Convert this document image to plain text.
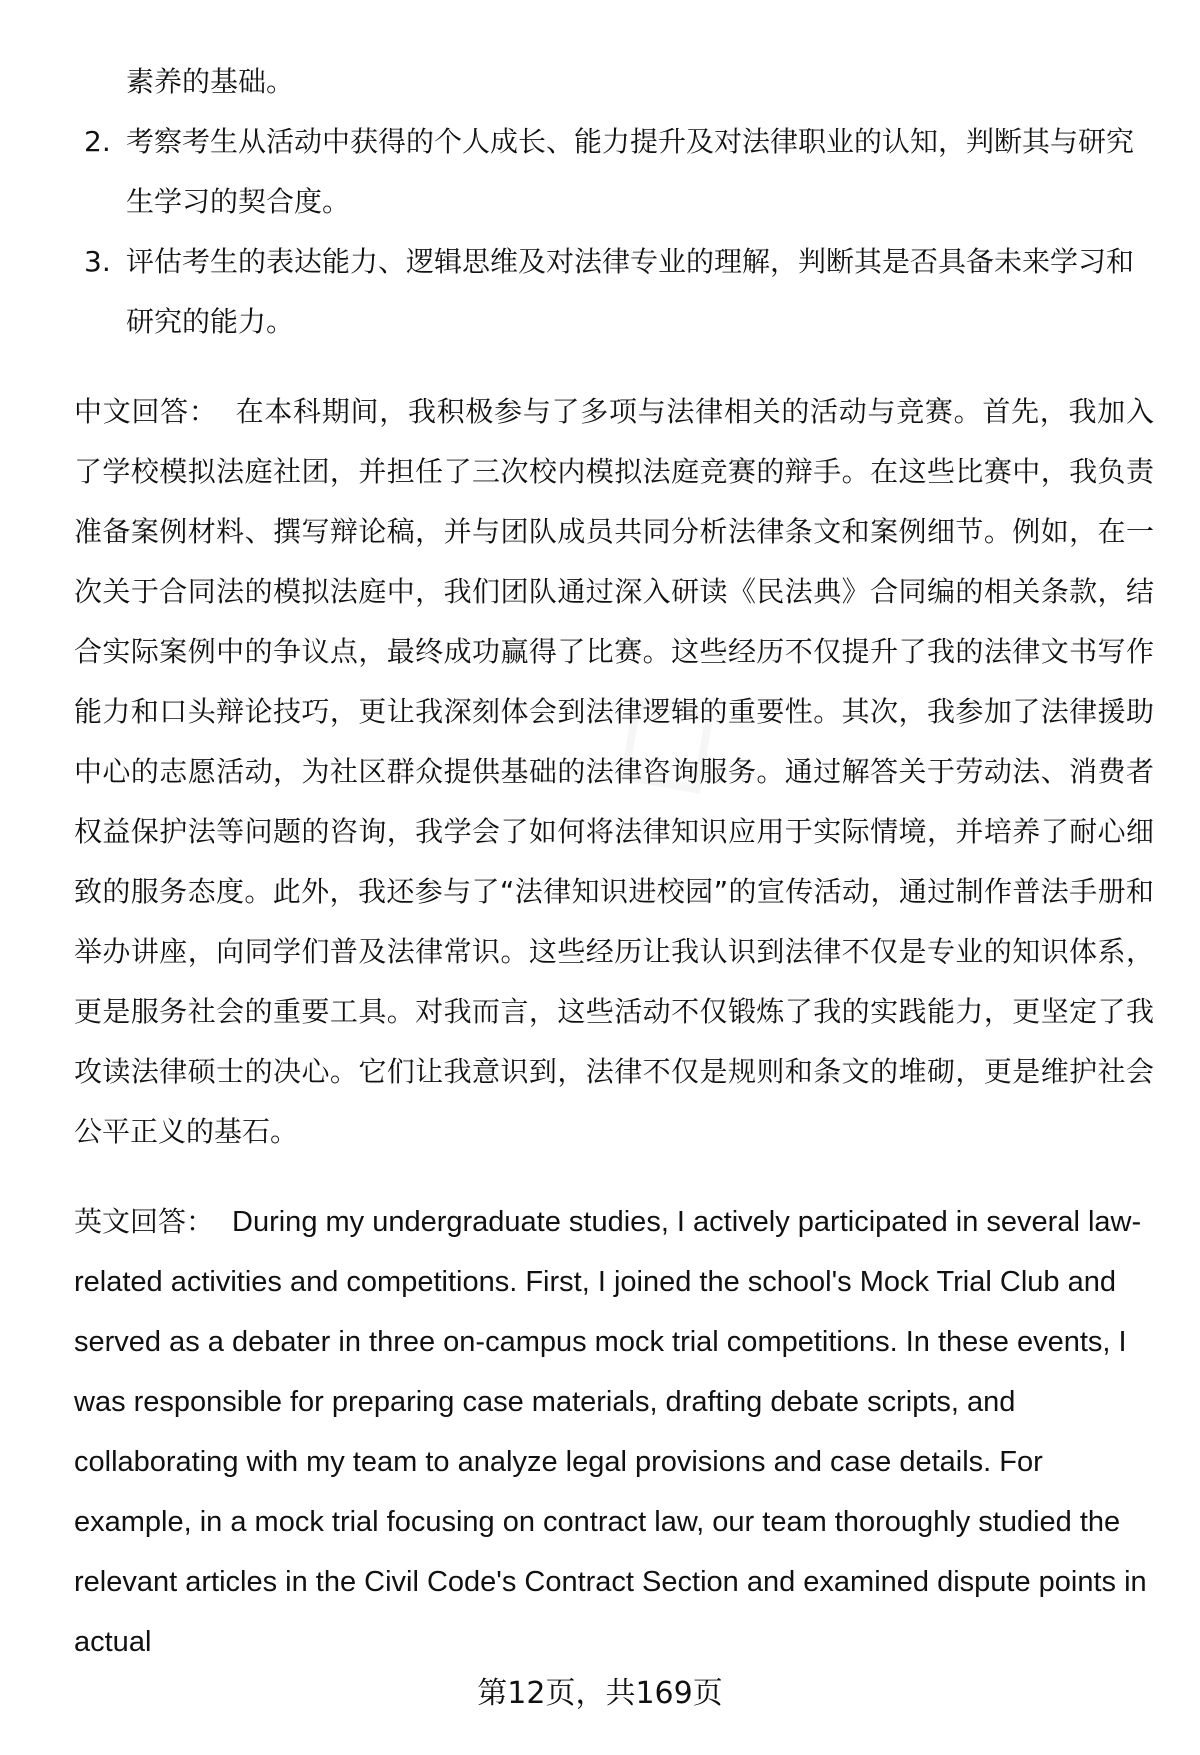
素养的基础。
2. 考察考生从活动中获得的个人成长、能力提升及对法律职业的认知，判断其与研究生学习的契合度。
3. 评估考生的表达能力、逻辑思维及对法律专业的理解，判断其是否具备未来学习和研究的能力。

中文回答： 在本科期间，我积极参与了多项与法律相关的活动与竞赛。首先，我加入了学校模拟法庭社团，并担任了三次校内模拟法庭竞赛的辩手。在这些比赛中，我负责准备案例材料、撰写辩论稿，并与团队成员共同分析法律条文和案例细节。例如，在一次关于合同法的模拟法庭中，我们团队通过深入研读《民法典》合同编的相关条款，结合实际案例中的争议点，最终成功赢得了比赛。这些经历不仅提升了我的法律文书写作能力和口头辩论技巧，更让我深刻体会到法律逻辑的重要性。其次，我参加了法律援助中心的志愿活动，为社区群众提供基础的法律咨询服务。通过解答关于劳动法、消费者权益保护法等问题的咨询，我学会了如何将法律知识应用于实际情境，并培养了耐心细致的服务态度。此外，我还参与了“法律知识进校园”的宣传活动，通过制作普法手册和举办讲座，向同学们普及法律常识。这些经历让我认识到法律不仅是专业的知识体系，更是服务社会的重要工具。对我而言，这些活动不仅锻炼了我的实践能力，更坚定了我攻读法律硕士的决心。它们让我意识到，法律不仅是规则和条文的堆砌，更是维护社会公平正义的基石。

英文回答： During my undergraduate studies, I actively participated in several law-related activities and competitions. First, I joined the school's Mock Trial Club and served as a debater in three on-campus mock trial competitions. In these events, I was responsible for preparing case materials, drafting debate scripts, and collaborating with my team to analyze legal provisions and case details. For example, in a mock trial focusing on contract law, our team thoroughly studied the relevant articles in the Civil Code's Contract Section and examined dispute points in actual

第12页，共169页
